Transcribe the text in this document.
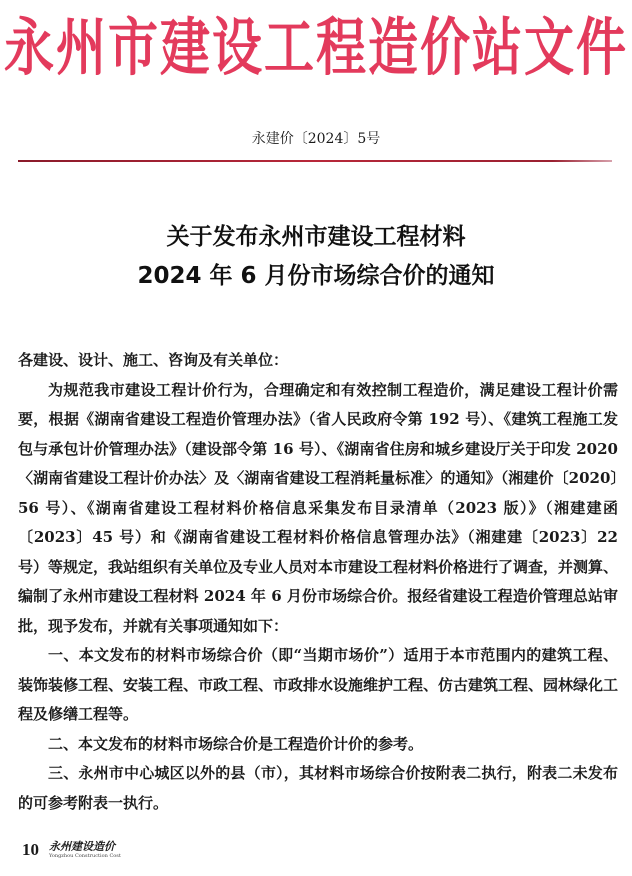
永州市建设工程造价站文件
永建价〔2024〕5号
关于发布永州市建设工程材料
2024 年 6 月份市场综合价的通知

各建设、设计、施工、咨询及有关单位：

为规范我市建设工程计价行为，合理确定和有效控制工程造价，满足建设工程计价需要，根据《湖南省建设工程造价管理办法》（省人民政府令第 192 号）、《建筑工程施工发包与承包计价管理办法》（建设部令第 16 号）、《湖南省住房和城乡建设厅关于印发 2020〈湖南省建设工程计价办法〉及〈湖南省建设工程消耗量标准〉的通知》（湘建价〔2020〕56 号）、《湖南省建设工程材料价格信息采集发布目录清单（2023 版）》（湘建建函〔2023〕45 号）和《湖南省建设工程材料价格信息管理办法》（湘建建〔2023〕22 号）等规定，我站组织有关单位及专业人员对本市建设工程材料价格进行了调查，并测算、编制了永州市建设工程材料 2024 年 6 月份市场综合价。报经省建设工程造价管理总站审批，现予发布，并就有关事项通知如下：

一、本文发布的材料市场综合价（即“当期市场价”）适用于本市范围内的建筑工程、装饰装修工程、安装工程、市政工程、市政排水设施维护工程、仿古建筑工程、园林绿化工程及修缮工程等。

二、本文发布的材料市场综合价是工程造价计价的参考。

三、永州市中心城区以外的县（市），其材料市场综合价按附表二执行，附表二未发布的可参考附表一执行。

10 永州建设造价
Yongzhou Construction Cost
